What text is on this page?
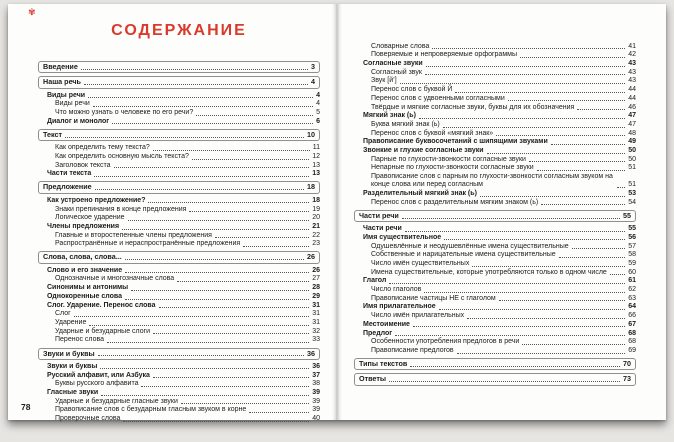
✾
СОДЕРЖАНИЕ
Введение	3
Наша речь	4
Виды речи	4
Виды речи	4
Что можно узнать о человеке по его речи?	5
Диалог и монолог	6
Текст	10
Как определить тему текста?	11
Как определить основную мысль текста?	12
Заголовок текста	13
Части текста	13
Предложение	18
Как устроено предложение?	18
Знаки препинания в конце предложения	19
Логическое ударение	20
Члены предложения	21
Главные и второстепенные члены предложения	22
Распространённые и нераспространённые предложения	23
Слова, слова, слова...	26
Слово и его значение	26
Однозначные и многозначные слова	27
Синонимы и антонимы	28
Однокоренные слова	29
Слог. Ударение. Перенос слова	31
Слог	31
Ударение	31
Ударные и безударные слоги	32
Перенос слова	33
Звуки и буквы	36
Звуки и буквы	36
Русский алфавит, или Азбука	37
Буквы русского алфавита	38
Гласные звуки	39
Ударные и безударные гласные звуки	39
Правописание слов с безударным гласным звуком в корне	39
Проверочные слова	40
78
Словарные слова	41
Поверяемые и непроверяемые орфограммы	42
Согласные звуки	43
Согласный звук	43
Звук [й’]	43
Перенос слов с буквой Й	44
Перенос слов с удвоенными согласными	44
Твёрдые и мягкие согласные звуки, буквы для их обозначения	46
Мягкий знак (ь)	47
Буква мягкий знак (ь)	47
Перенос слов с буквой «мягкий знак»	48
Правописание буквосочетаний с шипящими звуками	49
Звонкие и глухие согласные звуки	50
Парные по глухости-звонкости согласные звуки	50
Непарные по глухости-звонкости согласные звуки	51
Правописание слов с парным по глухости-звонкости согласным звуком на конце слова или перед согласным	51
Разделительный мягкий знак (ь)	53
Перенос слов с разделительным мягким знаком (ь)	54
Части речи	55
Части речи	55
Имя существительное	56
Одушевлённые и неодушевлённые имена существительные	57
Собственные и нарицательные имена существительные	58
Число имён существительных	59
Имена существительные, которые употребляются только в одном числе	60
Глагол	61
Число глаголов	62
Правописание частицы НЕ с глаголом	63
Имя прилагательное	64
Число имён прилагательных	66
Местоимение	67
Предлог	68
Особенности употребления предлогов в речи	68
Правописание предлогов	69
Типы текстов	70
Ответы	73
